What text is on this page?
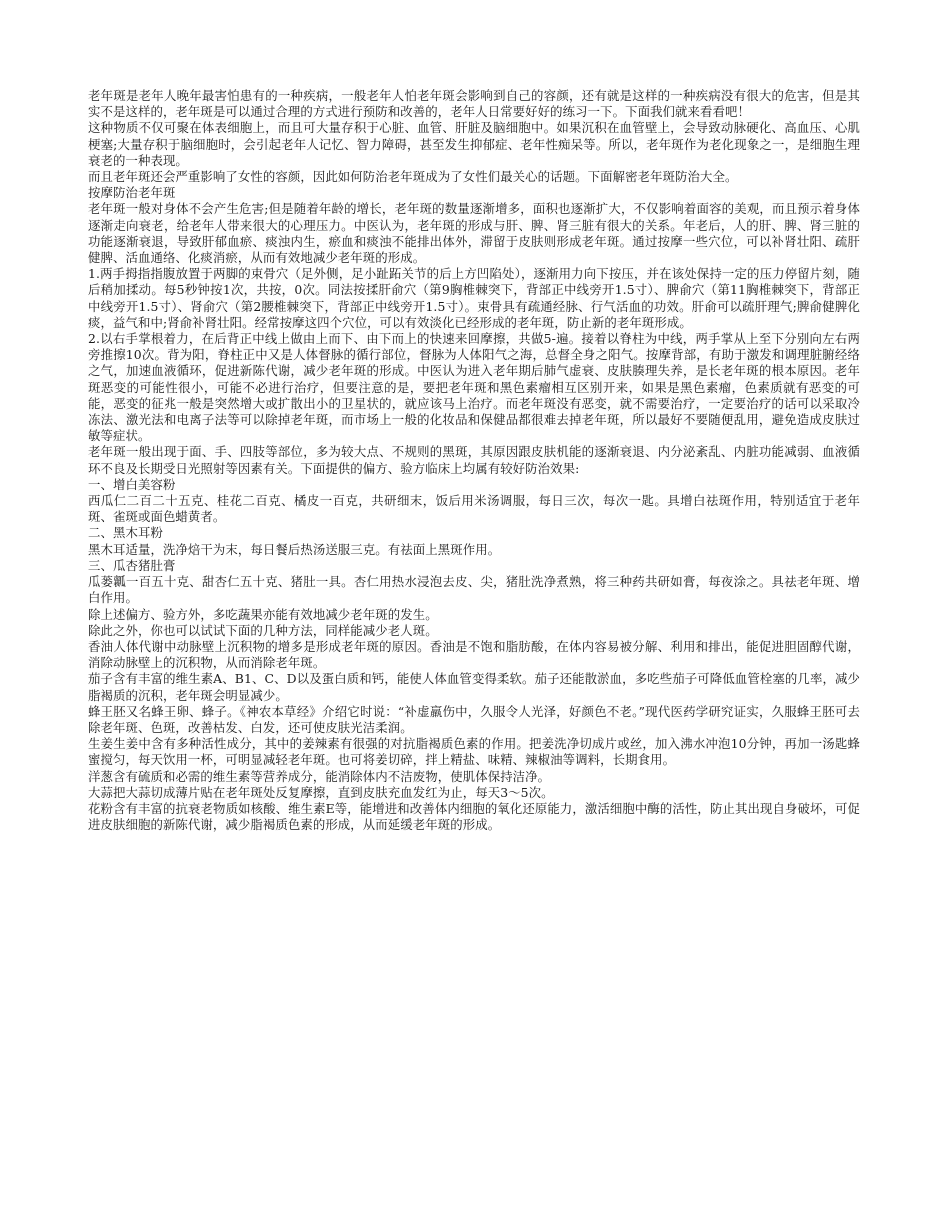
老年斑是老年人晚年最害怕患有的一种疾病，一般老年人怕老年斑会影响到自己的容颜，还有就是这样的一种疾病没有很大的危害，但是其实不是这样的，老年斑是可以通过合理的方式进行预防和改善的，老年人日常要好好的练习一下。下面我们就来看看吧！

这种物质不仅可聚在体表细胞上，而且可大量存积于心脏、血管、肝脏及脑细胞中。如果沉积在血管壁上，会导致动脉硬化、高血压、心肌梗塞;大量存积于脑细胞时，会引起老年人记忆、智力障碍，甚至发生抑郁症、老年性痴呆等。所以，老年斑作为老化现象之一，是细胞生理衰老的一种表现。

而且老年斑还会严重影响了女性的容颜，因此如何防治老年斑成为了女性们最关心的话题。下面解密老年斑防治大全。

按摩防治老年斑

老年斑一般对身体不会产生危害;但是随着年龄的增长，老年斑的数量逐渐增多，面积也逐渐扩大，不仅影响着面容的美观，而且预示着身体逐渐走向衰老，给老年人带来很大的心理压力。中医认为，老年斑的形成与肝、脾、肾三脏有很大的关系。年老后，人的肝、脾、肾三脏的功能逐渐衰退，导致肝郁血瘀、痰浊内生，瘀血和痰浊不能排出体外，滞留于皮肤则形成老年斑。通过按摩一些穴位，可以补肾壮阳、疏肝健脾、活血通络、化痰消瘀，从而有效地减少老年斑的形成。

1.两手拇指指腹放置于两脚的束骨穴（足外侧，足小趾跖关节的后上方凹陷处），逐渐用力向下按压，并在该处保持一定的压力停留片刻，随后稍加揉动。每5秒钟按1次，共按，0次。同法按揉肝俞穴（第9胸椎棘突下，背部正中线旁开1.5寸）、脾俞穴（第11胸椎棘突下，背部正中线旁开1.5寸）、肾俞穴（第2腰椎棘突下，背部正中线旁开1.5寸）。束骨具有疏通经脉、行气活血的功效。肝俞可以疏肝理气;脾俞健脾化痰，益气和中;肾俞补肾壮阳。经常按摩这四个穴位，可以有效淡化已经形成的老年斑，防止新的老年斑形成。

2.以右手掌根着力，在后背正中线上做由上而下、由下而上的快速来回摩擦，共做5-遍。接着以脊柱为中线，两手掌从上至下分别向左右两旁推擦10次。背为阳，脊柱正中又是人体督脉的循行部位，督脉为人体阳气之海，总督全身之阳气。按摩背部，有助于激发和调理脏腑经络之气，加速血液循环，促进新陈代谢，减少老年斑的形成。中医认为进入老年期后肺气虚衰、皮肤腠理失养，是长老年斑的根本原因。老年斑恶变的可能性很小，可能不必进行治疗，但要注意的是，要把老年斑和黑色素瘤相互区别开来，如果是黑色素瘤，色素质就有恶变的可能，恶变的征兆一般是突然增大或扩散出小的卫星状的，就应该马上治疗。而老年斑没有恶变，就不需要治疗，一定要治疗的话可以采取冷冻法、激光法和电离子法等可以除掉老年斑，而市场上一般的化妆品和保健品都很难去掉老年斑，所以最好不要随便乱用，避免造成皮肤过敏等症状。

老年斑一般出现于面、手、四肢等部位，多为较大点、不规则的黑斑，其原因跟皮肤机能的逐渐衰退、内分泌紊乱、内脏功能减弱、血液循环不良及长期受日光照射等因素有关。下面提供的偏方、验方临床上均属有较好防治效果:

一、增白美容粉

西瓜仁二百二十五克、桂花二百克、橘皮一百克，共研细末，饭后用米汤调服，每日三次，每次一匙。具增白祛斑作用，特别适宜于老年斑、雀斑或面色蜡黄者。

二、黑木耳粉

黑木耳适量，洗净焙干为末，每日餐后热汤送服三克。有祛面上黑斑作用。

三、瓜杏猪肚膏

瓜蒌瓤一百五十克、甜杏仁五十克、猪肚一具。杏仁用热水浸泡去皮、尖，猪肚洗净煮熟，将三种药共研如膏，每夜涂之。具祛老年斑、增白作用。

除上述偏方、验方外，多吃蔬果亦能有效地减少老年斑的发生。

除此之外，你也可以试试下面的几种方法，同样能减少老人斑。

香油人体代谢中动脉壁上沉积物的增多是形成老年斑的原因。香油是不饱和脂肪酸，在体内容易被分解、利用和排出，能促进胆固醇代谢，消除动脉壁上的沉积物，从而消除老年斑。

茄子含有丰富的维生素A、B1、C、D以及蛋白质和钙，能使人体血管变得柔软。茄子还能散淤血，多吃些茄子可降低血管栓塞的几率，减少脂褐质的沉积，老年斑会明显减少。

蜂王胚又名蜂王卵、蜂子。《神农本草经》介绍它时说：“补虚羸伤中，久服令人光泽，好颜色不老。”现代医药学研究证实，久服蜂王胚可去除老年斑、色斑，改善枯发、白发，还可使皮肤光洁柔润。

生姜生姜中含有多种活性成分，其中的姜辣素有很强的对抗脂褐质色素的作用。把姜洗净切成片或丝，加入沸水冲泡10分钟，再加一汤匙蜂蜜搅匀，每天饮用一杯，可明显减轻老年斑。也可将姜切碎，拌上精盐、味精、辣椒油等调料，长期食用。

洋葱含有硫质和必需的维生素等营养成分，能消除体内不洁废物，使肌体保持洁净。

大蒜把大蒜切成薄片贴在老年斑处反复摩擦，直到皮肤充血发红为止，每天3～5次。

花粉含有丰富的抗衰老物质如核酸、维生素E等，能增进和改善体内细胞的氧化还原能力，激活细胞中酶的活性，防止其出现自身破坏，可促进皮肤细胞的新陈代谢，减少脂褐质色素的形成，从而延缓老年斑的形成。
